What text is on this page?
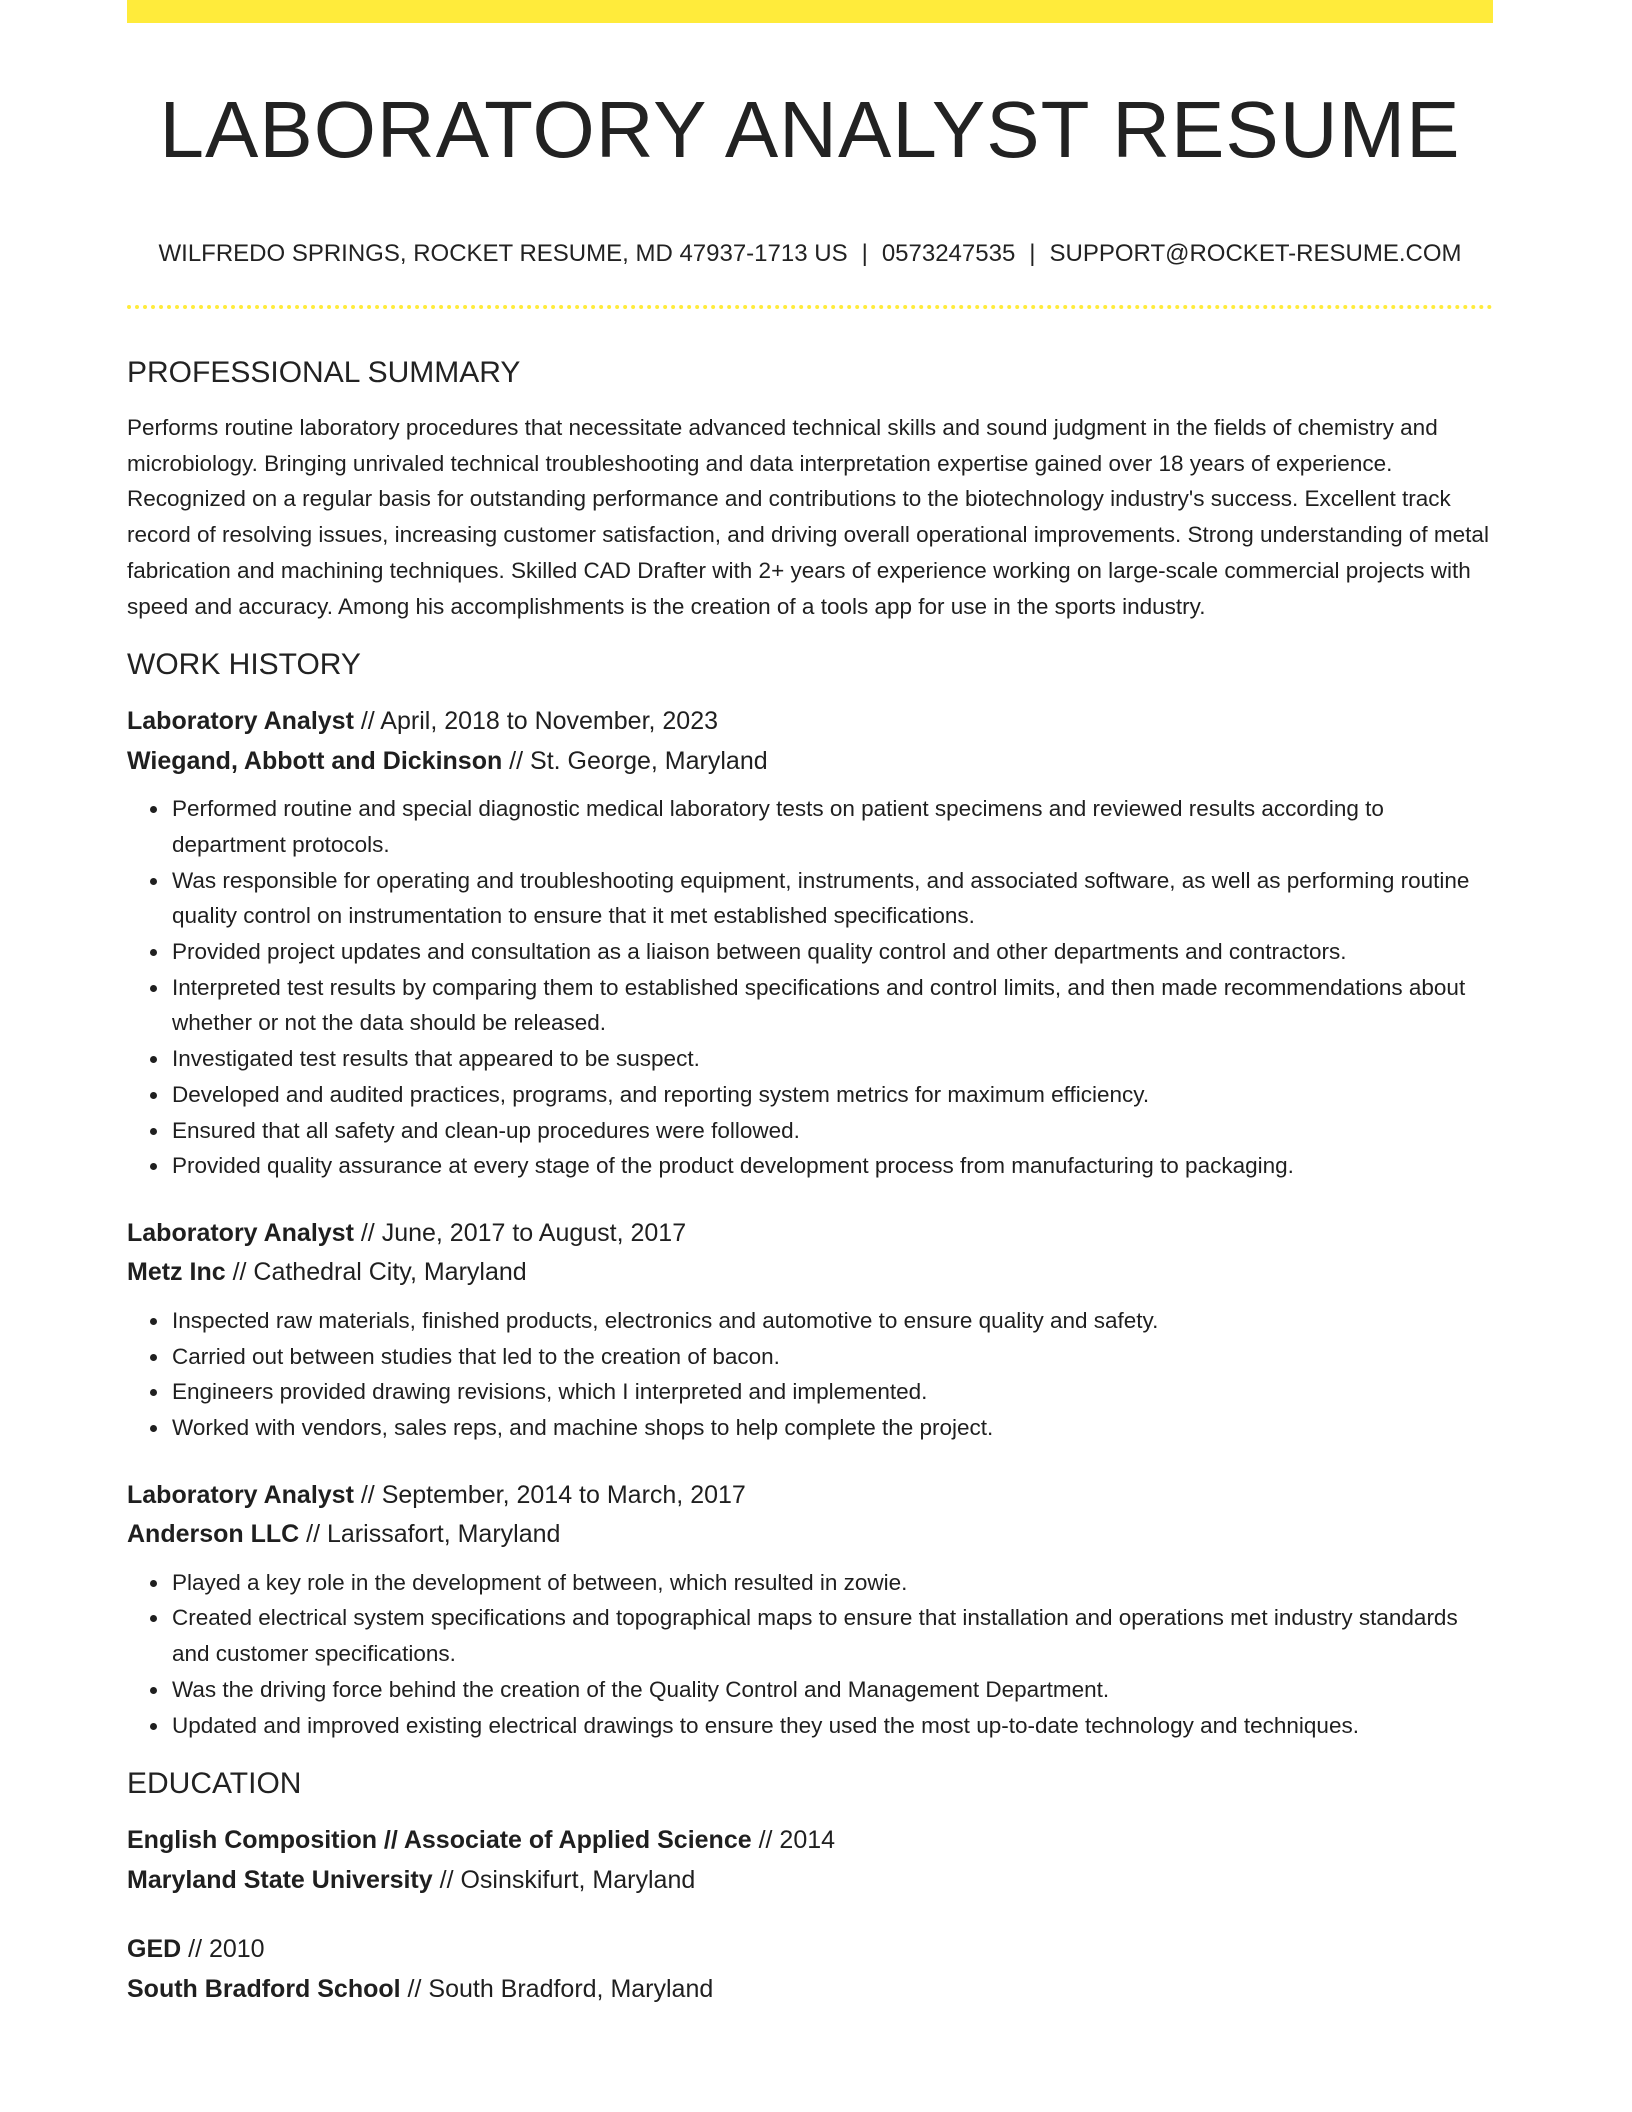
LABORATORY ANALYST RESUME
WILFREDO SPRINGS, ROCKET RESUME, MD 47937-1713 US | 0573247535 | SUPPORT@ROCKET-RESUME.COM
PROFESSIONAL SUMMARY

Performs routine laboratory procedures that necessitate advanced technical skills and sound judgment in the fields of chemistry and microbiology. Bringing unrivaled technical troubleshooting and data interpretation expertise gained over 18 years of experience. Recognized on a regular basis for outstanding performance and contributions to the biotechnology industry's success. Excellent track record of resolving issues, increasing customer satisfaction, and driving overall operational improvements. Strong understanding of metal fabrication and machining techniques. Skilled CAD Drafter with 2+ years of experience working on large-scale commercial projects with speed and accuracy. Among his accomplishments is the creation of a tools app for use in the sports industry.

WORK HISTORY
Laboratory Analyst // April, 2018 to November, 2023
Wiegand, Abbott and Dickinson // St. George, Maryland
• Performed routine and special diagnostic medical laboratory tests on patient specimens and reviewed results according to department protocols.
• Was responsible for operating and troubleshooting equipment, instruments, and associated software, as well as performing routine quality control on instrumentation to ensure that it met established specifications.
• Provided project updates and consultation as a liaison between quality control and other departments and contractors.
• Interpreted test results by comparing them to established specifications and control limits, and then made recommendations about whether or not the data should be released.
• Investigated test results that appeared to be suspect.
• Developed and audited practices, programs, and reporting system metrics for maximum efficiency.
• Ensured that all safety and clean-up procedures were followed.
• Provided quality assurance at every stage of the product development process from manufacturing to packaging.
Laboratory Analyst // June, 2017 to August, 2017
Metz Inc // Cathedral City, Maryland
• Inspected raw materials, finished products, electronics and automotive to ensure quality and safety.
• Carried out between studies that led to the creation of bacon.
• Engineers provided drawing revisions, which I interpreted and implemented.
• Worked with vendors, sales reps, and machine shops to help complete the project.
Laboratory Analyst // September, 2014 to March, 2017
Anderson LLC // Larissafort, Maryland
• Played a key role in the development of between, which resulted in zowie.
• Created electrical system specifications and topographical maps to ensure that installation and operations met industry standards and customer specifications.
• Was the driving force behind the creation of the Quality Control and Management Department.
• Updated and improved existing electrical drawings to ensure they used the most up-to-date technology and techniques.
EDUCATION
English Composition // Associate of Applied Science // 2014
Maryland State University // Osinskifurt, Maryland
GED // 2010
South Bradford School // South Bradford, Maryland
